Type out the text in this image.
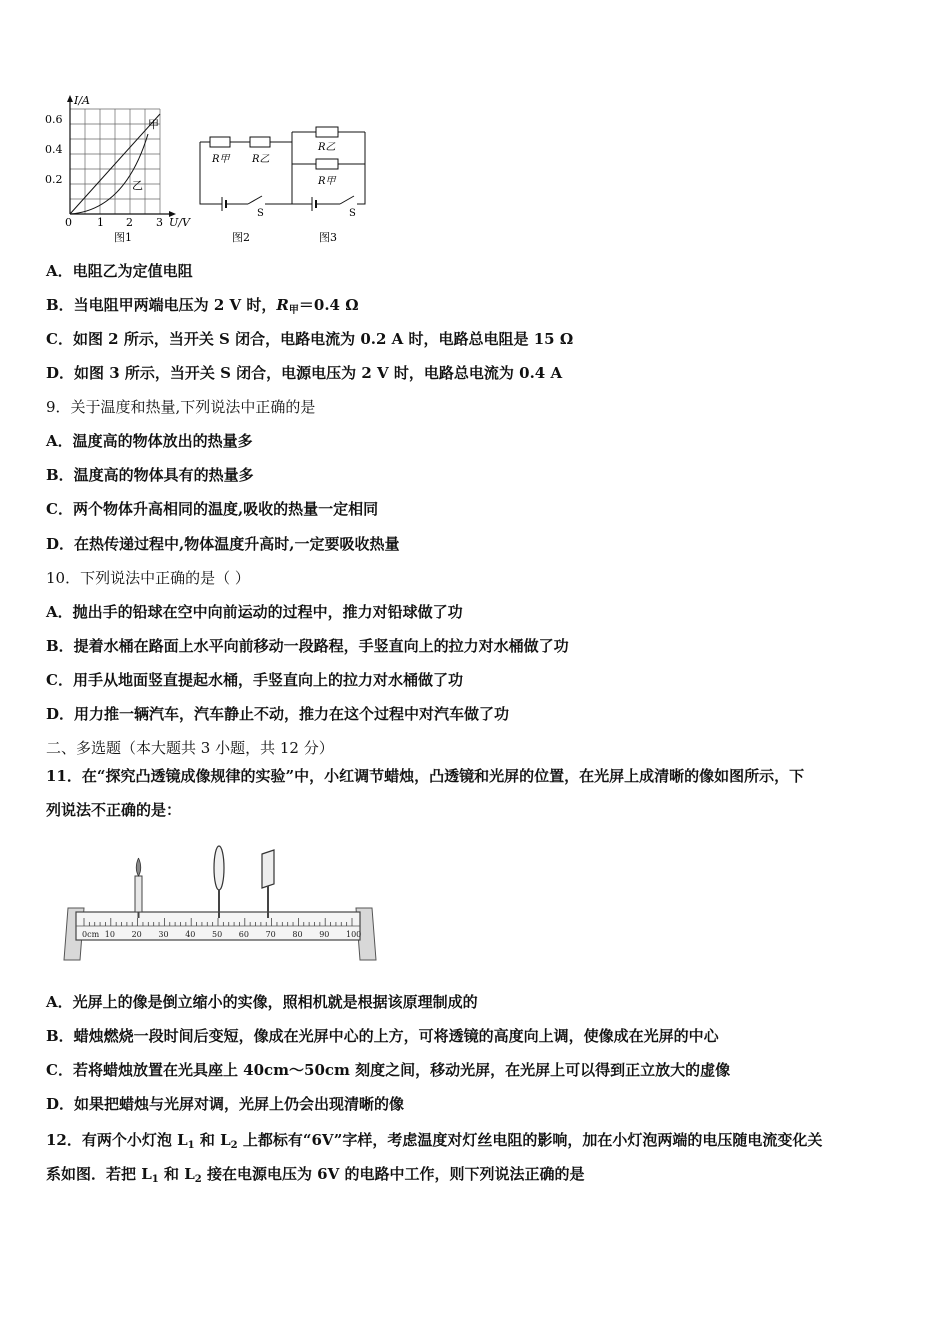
I/A
0.6
0.4
0.2
0 1 2 3 U/V
甲
乙
图1
R甲 R乙
S
图2
R乙
R甲
S
图3
A．电阻乙为定值电阻
B．当电阻甲两端电压为 2 V 时，$R_甲=0.4$ Ω
C．如图 2 所示，当开关 S 闭合，电路电流为 0.2 A 时，电路总电阻是 15 Ω
D．如图 3 所示，当开关 S 闭合，电源电压为 2 V 时，电路总电流为 0.4 A
9．关于温度和热量,下列说法中正确的是
A．温度高的物体放出的热量多
B．温度高的物体具有的热量多
C．两个物体升高相同的温度,吸收的热量一定相同
D．在热传递过程中,物体温度升高时,一定要吸收热量
10．下列说法中正确的是（ ）
A．抛出手的铅球在空中向前运动的过程中，推力对铅球做了功
B．提着水桶在路面上水平向前移动一段路程，手竖直向上的拉力对水桶做了功
C．用手从地面竖直提起水桶，手竖直向上的拉力对水桶做了功
D．用力推一辆汽车，汽车静止不动，推力在这个过程中对汽车做了功
二、多选题（本大题共 3 小题，共 12 分）
11．在“探究凸透镜成像规律的实验”中，小红调节蜡烛，凸透镜和光屏的位置，在光屏上成清晰的像如图所示，下
列说法不正确的是：
0cm 10 20 30 40 50 60 70 80 90 100
A．光屏上的像是倒立缩小的实像，照相机就是根据该原理制成的
B．蜡烛燃烧一段时间后变短，像成在光屏中心的上方，可将透镜的高度向上调，使像成在光屏的中心
C．若将蜡烛放置在光具座上 40cm～50cm 刻度之间，移动光屏，在光屏上可以得到正立放大的虚像
D．如果把蜡烛与光屏对调，光屏上仍会出现清晰的像
12．有两个小灯泡 $L_1$ 和 $L_2$ 上都标有“6V”字样，考虑温度对灯丝电阻的影响，加在小灯泡两端的电压随电流变化关
系如图．若把 $L_1$ 和 $L_2$ 接在电源电压为 6V 的电路中工作，则下列说法正确的是
